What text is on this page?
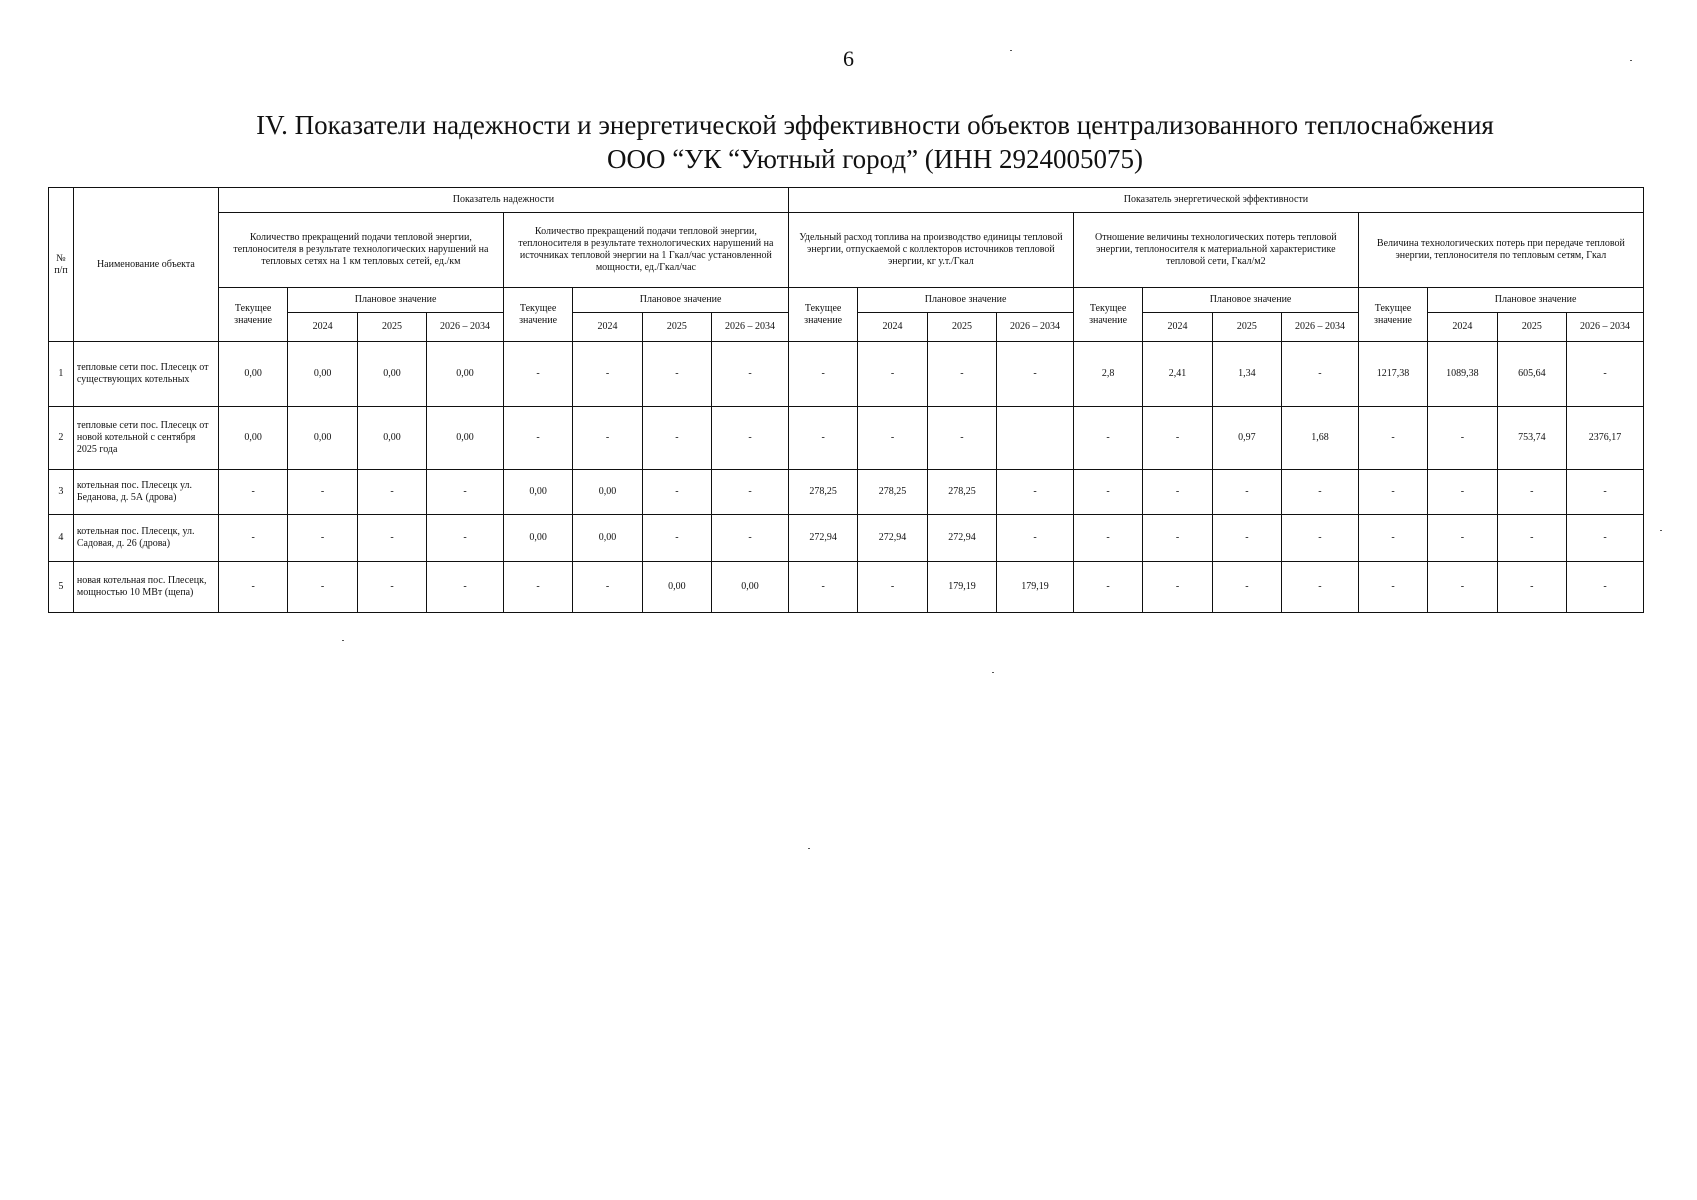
6
IV. Показатели надежности и энергетической эффективности объектов централизованного теплоснабжения
ООО “УК “Уютный город” (ИНН 2924005075)
№ п/п	Наименование объекта	Показатель надежности								Показатель энергетической эффективности											
		Количество прекращений подачи тепловой энергии, теплоносителя в результате технологических нарушений на тепловых сетях на 1 км тепловых сетей, ед./км				Количество прекращений подачи тепловой энергии, теплоносителя в результате технологических нарушений на источниках тепловой энергии на 1 Гкал/час установленной мощности, ед./Гкал/час				Удельный расход топлива на производство единицы тепловой энергии, отпускаемой с коллекторов источников тепловой энергии, кг у.т./Гкал				Отношение величины технологических потерь тепловой энергии, теплоносителя к материальной характеристике тепловой сети, Гкал/м2				Величина технологических потерь при передаче тепловой энергии, теплоносителя по тепловым сетям, Гкал			
		Текущее значение	Плановое значение			Текущее значение	Плановое значение			Текущее значение	Плановое значение			Текущее значение	Плановое значение			Текущее значение	Плановое значение		
			2024	2025	2026 – 2034		2024	2025	2026 – 2034		2024	2025	2026 – 2034		2024	2025	2026 – 2034		2024	2025	2026 – 2034
1	тепловые сети пос. Плесецк от существующих котельных	0,00	0,00	0,00	0,00	-	-	-	-	-	-	-	-	2,8	2,41	1,34	-	1217,38	1089,38	605,64	-
2	тепловые сети пос. Плесецк от новой котельной с сентября 2025 года	0,00	0,00	0,00	0,00	-	-	-	-	-	-	-		-	-	0,97	1,68	-	-	753,74	2376,17
3	котельная пос. Плесецк ул. Беданова, д. 5А (дрова)	-	-	-	-	0,00	0,00	-	-	278,25	278,25	278,25	-	-	-	-	-	-	-	-	-
4	котельная пос. Плесецк, ул. Садовая, д. 26 (дрова)	-	-	-	-	0,00	0,00	-	-	272,94	272,94	272,94	-	-	-	-	-	-	-	-	-
5	новая котельная пос. Плесецк, мощностью 10 МВт (щепа)	-	-	-	-	-	-	0,00	0,00	-	-	179,19	179,19	-	-	-	-	-	-	-	-
